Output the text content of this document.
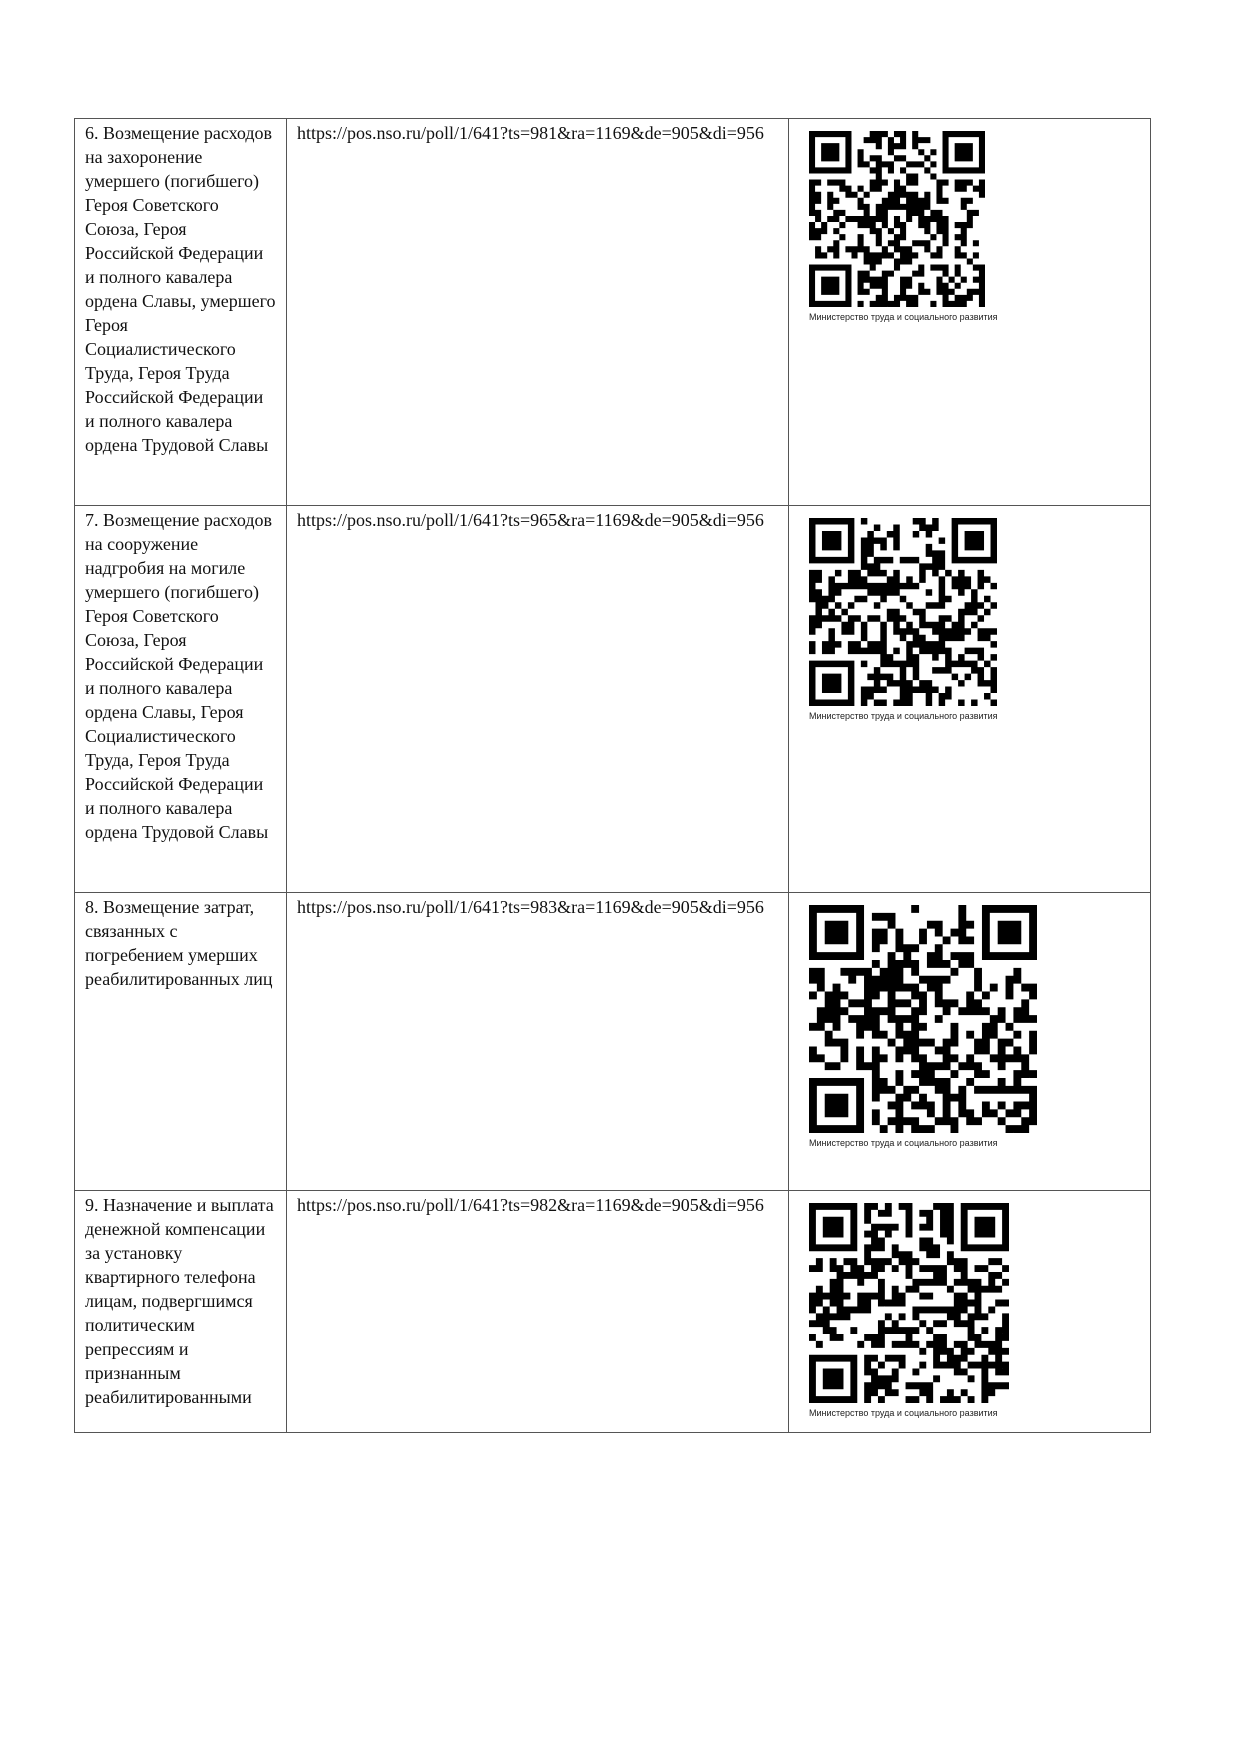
6. Возмещение расходов на захоронение умершего (погибшего) Героя Советского Союза, Героя Российской Федерации и полного кавалера ордена Славы, умершего Героя Социалистического Труда, Героя Труда Российской Федерации и полного кавалера ордена Трудовой Славы	https://pos.nso.ru/poll/1/641?ts=981&ra=1169&de=905&di=956	Министерство труда и социального развития

7. Возмещение расходов на сооружение надгробия на могиле умершего (погибшего) Героя Советского Союза, Героя Российской Федерации и полного кавалера ордена Славы, Героя Социалистического Труда, Героя Труда Российской Федерации и полного кавалера ордена Трудовой Славы	https://pos.nso.ru/poll/1/641?ts=965&ra=1169&de=905&di=956	Министерство труда и социального развития

8. Возмещение затрат, связанных с погребением умерших реабилитированных лиц	https://pos.nso.ru/poll/1/641?ts=983&ra=1169&de=905&di=956	Министерство труда и социального развития

9. Назначение и выплата денежной компенсации за установку квартирного телефона лицам, подвергшимся политическим репрессиям и признанным реабилитированными	https://pos.nso.ru/poll/1/641?ts=982&ra=1169&de=905&di=956	Министерство труда и социального развития
